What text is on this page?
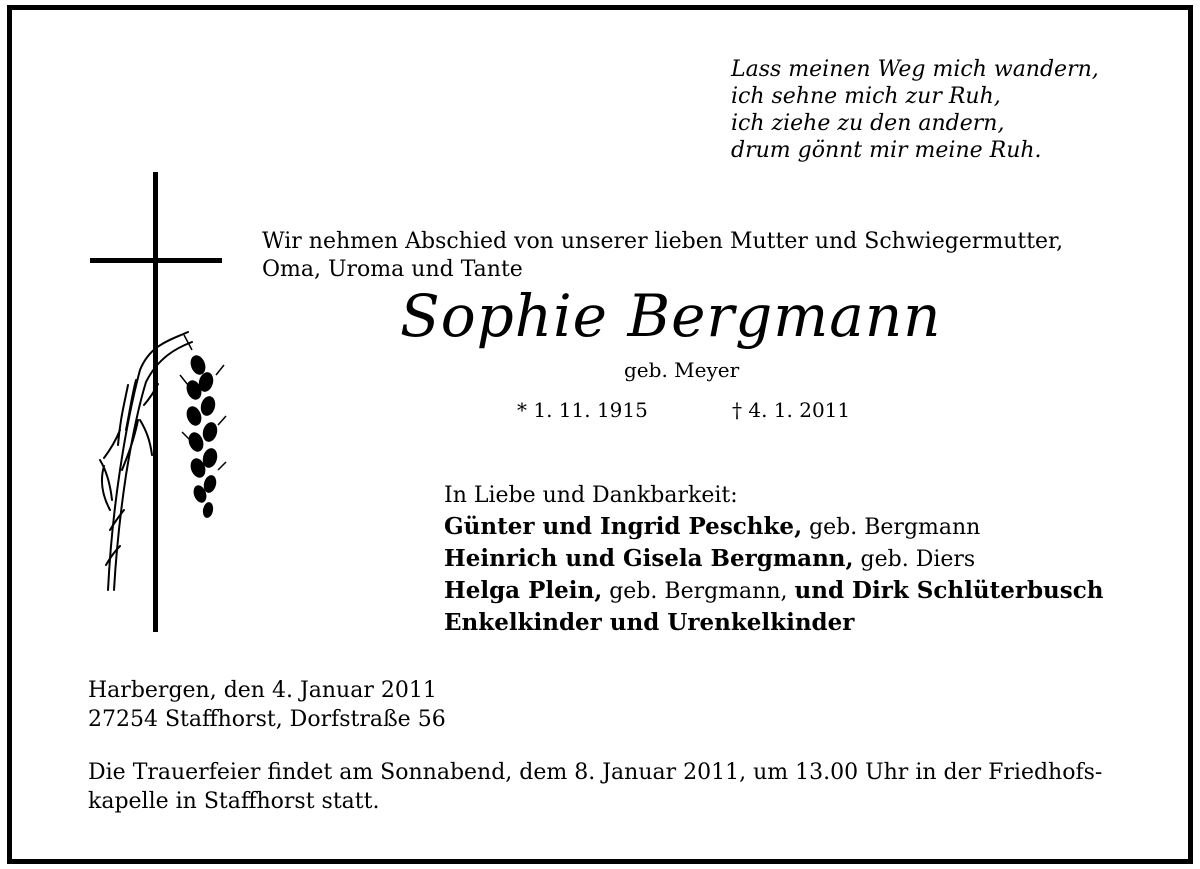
Lass meinen Weg mich wandern,
ich sehne mich zur Ruh,
ich ziehe zu den andern,
drum gönnt mir meine Ruh.
Wir nehmen Abschied von unserer lieben Mutter und Schwiegermutter,
Oma, Uroma und Tante
Sophie Bergmann
geb. Meyer
* 1. 11. 1915	† 4. 1. 2011
In Liebe und Dankbarkeit:
Günter und Ingrid Peschke, geb. Bergmann
Heinrich und Gisela Bergmann, geb. Diers
Helga Plein, geb. Bergmann, und Dirk Schlüterbusch
Enkelkinder und Urenkelkinder
Harbergen, den 4. Januar 2011
27254 Staffhorst, Dorfstraße 56
Die Trauerfeier findet am Sonnabend, dem 8. Januar 2011, um 13.00 Uhr in der Friedhofs-
kapelle in Staffhorst statt.
